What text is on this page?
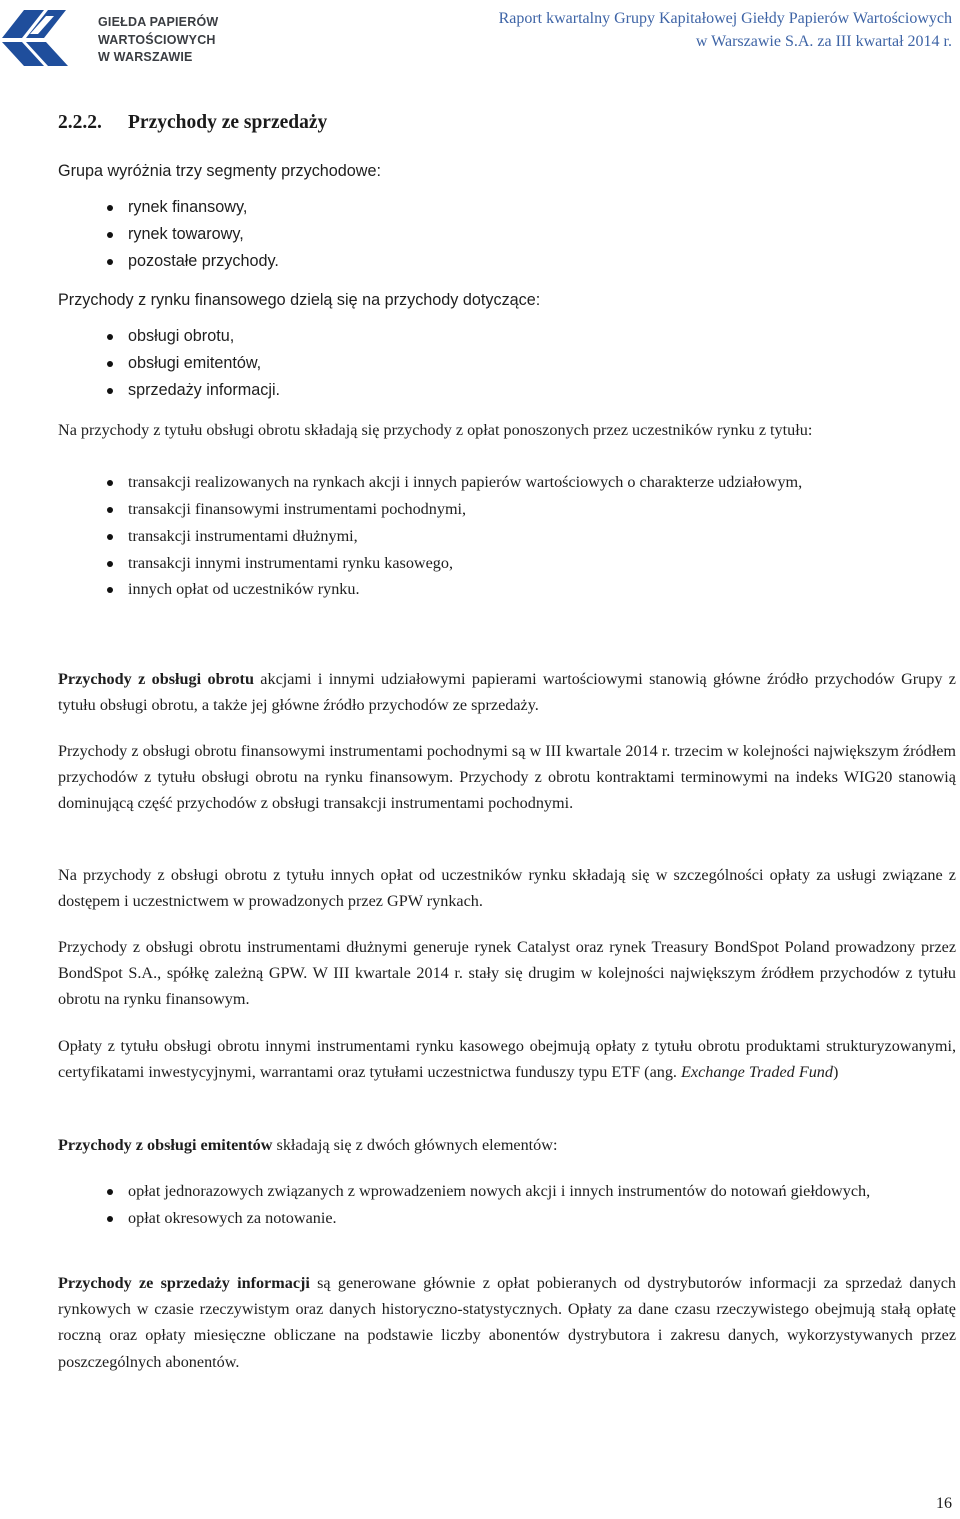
GIEŁDA PAPIERÓW
WARTOŚCIOWYCH
W WARSZAWIE
Raport kwartalny Grupy Kapitałowej Giełdy Papierów Wartościowych
w Warszawie S.A. za III kwartał 2014 r.
2.2.2. Przychody ze sprzedaży

Grupa wyróżnia trzy segmenty przychodowe:

rynek finansowy,
rynek towarowy,
pozostałe przychody.

Przychody z rynku finansowego dzielą się na przychody dotyczące:

obsługi obrotu,
obsługi emitentów,
sprzedaży informacji.

Na przychody z tytułu obsługi obrotu składają się przychody z opłat ponoszonych przez uczestników rynku z tytułu:

transakcji realizowanych na rynkach akcji i innych papierów wartościowych o charakterze udziałowym,
transakcji finansowymi instrumentami pochodnymi,
transakcji instrumentami dłużnymi,
transakcji innymi instrumentami rynku kasowego,
innych opłat od uczestników rynku.

Przychody z obsługi obrotu akcjami i innymi udziałowymi papierami wartościowymi stanowią główne źródło przychodów Grupy z tytułu obsługi obrotu, a także jej główne źródło przychodów ze sprzedaży.

Przychody z obsługi obrotu finansowymi instrumentami pochodnymi są w III kwartale 2014 r. trzecim w kolejności największym źródłem przychodów z tytułu obsługi obrotu na rynku finansowym. Przychody z obrotu kontraktami terminowymi na indeks WIG20 stanowią dominującą część przychodów z obsługi transakcji instrumentami pochodnymi.

Na przychody z obsługi obrotu z tytułu innych opłat od uczestników rynku składają się w szczególności opłaty za usługi związane z dostępem i uczestnictwem w prowadzonych przez GPW rynkach.

Przychody z obsługi obrotu instrumentami dłużnymi generuje rynek Catalyst oraz rynek Treasury BondSpot Poland prowadzony przez BondSpot S.A., spółkę zależną GPW. W III kwartale 2014 r. stały się drugim w kolejności największym źródłem przychodów z tytułu obrotu na rynku finansowym.

Opłaty z tytułu obsługi obrotu innymi instrumentami rynku kasowego obejmują opłaty z tytułu obrotu produktami strukturyzowanymi, certyfikatami inwestycyjnymi, warrantami oraz tytułami uczestnictwa funduszy typu ETF (ang. Exchange Traded Fund)

Przychody z obsługi emitentów składają się z dwóch głównych elementów:

opłat jednorazowych związanych z wprowadzeniem nowych akcji i innych instrumentów do notowań giełdowych,
opłat okresowych za notowanie.

Przychody ze sprzedaży informacji są generowane głównie z opłat pobieranych od dystrybutorów informacji za sprzedaż danych rynkowych w czasie rzeczywistym oraz danych historyczno-statystycznych. Opłaty za dane czasu rzeczywistego obejmują stałą opłatę roczną oraz opłaty miesięczne obliczane na podstawie liczby abonentów dystrybutora i zakresu danych, wykorzystywanych przez poszczególnych abonentów.

16
